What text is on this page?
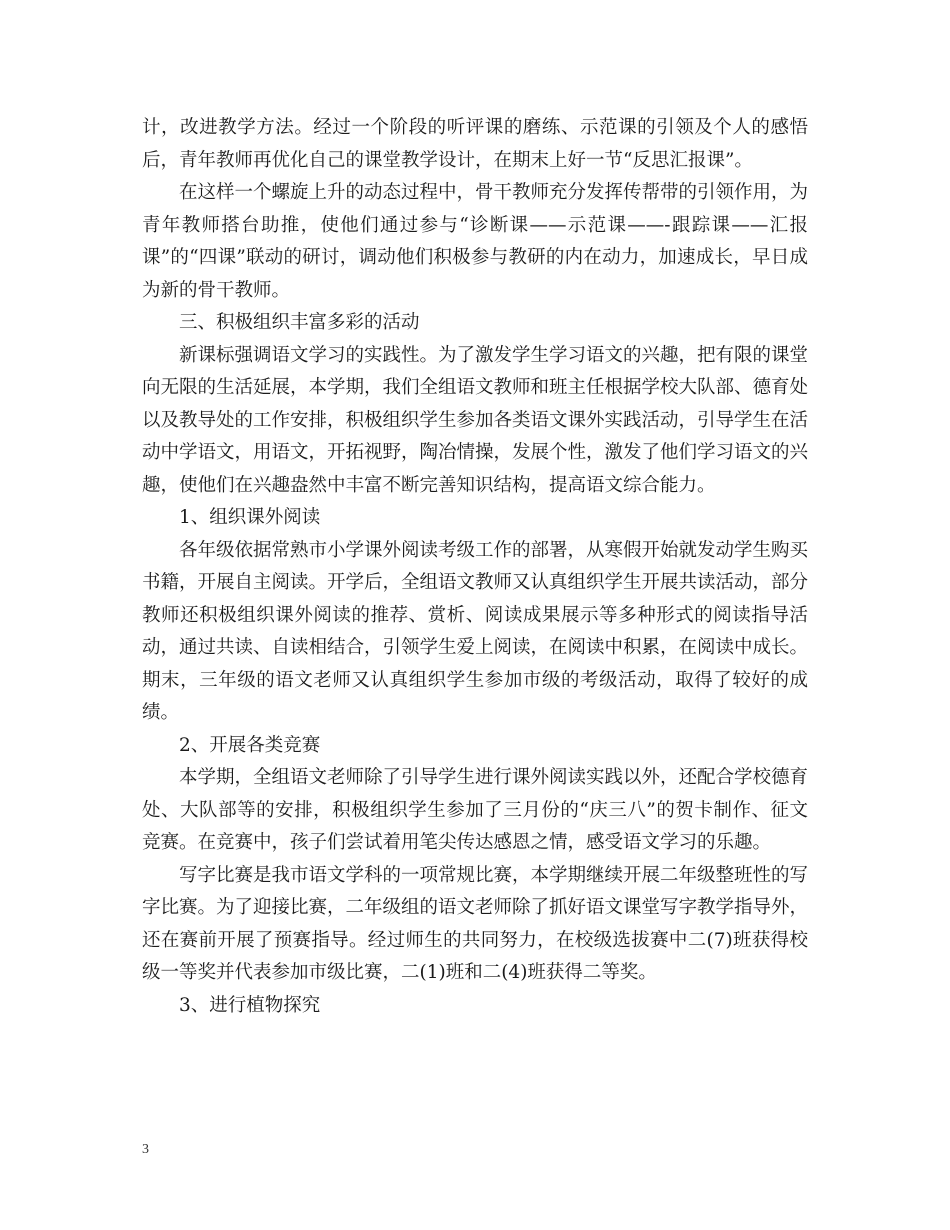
计，改进教学方法。经过一个阶段的听评课的磨练、示范课的引领及个人的感悟后，青年教师再优化自己的课堂教学设计，在期末上好一节“反思汇报课”。

在这样一个螺旋上升的动态过程中，骨干教师充分发挥传帮带的引领作用，为青年教师搭台助推，使他们通过参与“诊断课——示范课——-跟踪课——汇报课”的“四课”联动的研讨，调动他们积极参与教研的内在动力，加速成长，早日成为新的骨干教师。

三、积极组织丰富多彩的活动

新课标强调语文学习的实践性。为了激发学生学习语文的兴趣，把有限的课堂向无限的生活延展，本学期，我们全组语文教师和班主任根据学校大队部、德育处以及教导处的工作安排，积极组织学生参加各类语文课外实践活动，引导学生在活动中学语文，用语文，开拓视野，陶冶情操，发展个性，激发了他们学习语文的兴趣，使他们在兴趣盎然中丰富不断完善知识结构，提高语文综合能力。

1、组织课外阅读

各年级依据常熟市小学课外阅读考级工作的部署，从寒假开始就发动学生购买书籍，开展自主阅读。开学后，全组语文教师又认真组织学生开展共读活动，部分教师还积极组织课外阅读的推荐、赏析、阅读成果展示等多种形式的阅读指导活动，通过共读、自读相结合，引领学生爱上阅读，在阅读中积累，在阅读中成长。期末，三年级的语文老师又认真组织学生参加市级的考级活动，取得了较好的成绩。

2、开展各类竞赛

本学期，全组语文老师除了引导学生进行课外阅读实践以外，还配合学校德育处、大队部等的安排，积极组织学生参加了三月份的“庆三八”的贺卡制作、征文竞赛。在竞赛中，孩子们尝试着用笔尖传达感恩之情，感受语文学习的乐趣。

写字比赛是我市语文学科的一项常规比赛，本学期继续开展二年级整班性的写字比赛。为了迎接比赛，二年级组的语文老师除了抓好语文课堂写字教学指导外，还在赛前开展了预赛指导。经过师生的共同努力，在校级选拔赛中二(7)班获得校级一等奖并代表参加市级比赛，二(1)班和二(4)班获得二等奖。

3、进行植物探究

3
